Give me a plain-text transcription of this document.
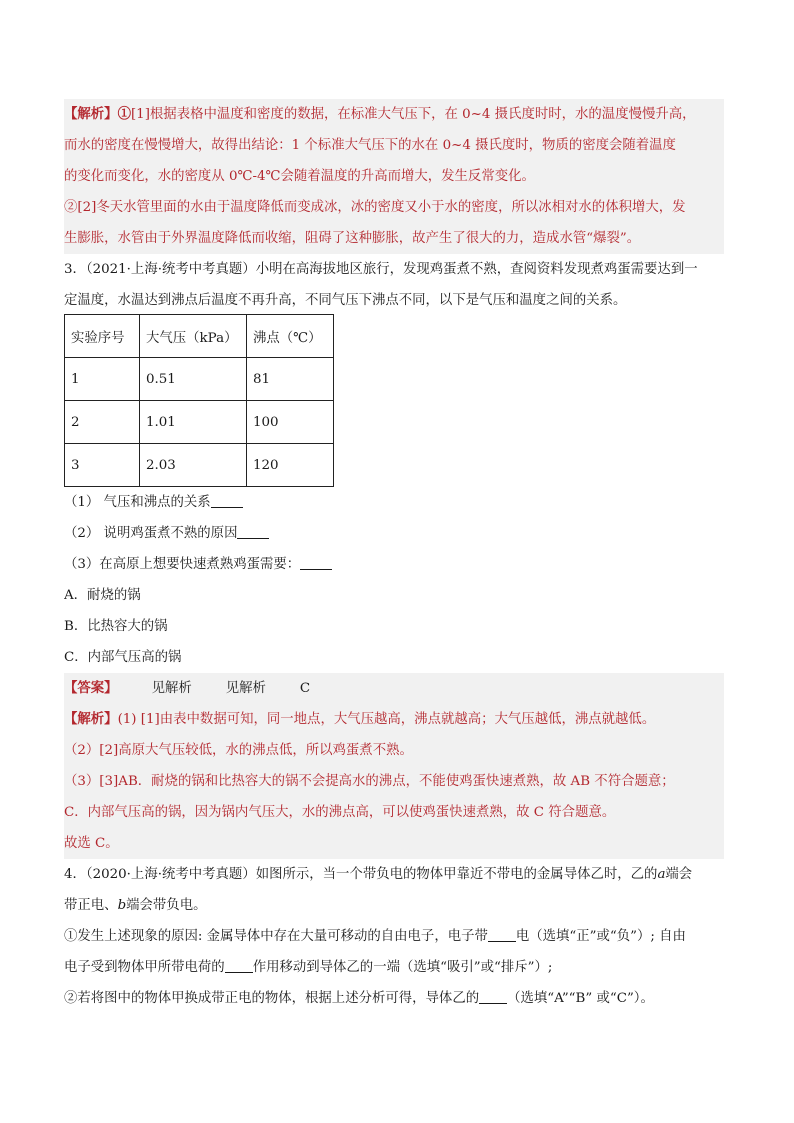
【解析】①[1]根据表格中温度和密度的数据，在标准大气压下，在 0~4 摄氏度时时，水的温度慢慢升高，
而水的密度在慢慢增大，故得出结论：1 个标准大气压下的水在 0~4 摄氏度时，物质的密度会随着温度
的变化而变化，水的密度从 0℃-4℃会随着温度的升高而增大，发生反常变化。
②[2]冬天水管里面的水由于温度降低而变成冰，冰的密度又小于水的密度，所以冰相对水的体积增大，发
生膨胀，水管由于外界温度降低而收缩，阻碍了这种膨胀，故产生了很大的力，造成水管“爆裂”。
3．（2021·上海·统考中考真题）小明在高海拔地区旅行，发现鸡蛋煮不熟，查阅资料发现煮鸡蛋需要达到一
定温度，水温达到沸点后温度不再升高，不同气压下沸点不同，以下是气压和温度之间的关系。
实验序号	大气压（kPa）	沸点（℃）
1	0.51	81
2	1.01	100
3	2.03	120
（1） 气压和沸点的关系
（2） 说明鸡蛋煮不熟的原因
（3）在高原上想要快速煮熟鸡蛋需要：
A．耐烧的锅
B．比热容大的锅
C．内部气压高的锅
【答案】	见解析	见解析	C
【解析】(1) [1]由表中数据可知，同一地点，大气压越高，沸点就越高；大气压越低，沸点就越低。
（2）[2]高原大气压较低，水的沸点低，所以鸡蛋煮不熟。
（3）[3]AB．耐烧的锅和比热容大的锅不会提高水的沸点，不能使鸡蛋快速煮熟，故 AB 不符合题意；
C．内部气压高的锅，因为锅内气压大，水的沸点高，可以使鸡蛋快速煮熟，故 C 符合题意。
故选 C。
4．（2020·上海·统考中考真题）如图所示，当一个带负电的物体甲靠近不带电的金属导体乙时，乙的a端会
带正电、b端会带负电。
①发生上述现象的原因: 金属导体中存在大量可移动的自由电子，电子带 电（选填“正”或“负”）; 自由
电子受到物体甲所带电荷的 作用移动到导体乙的一端（选填“吸引”或“排斥”）;
②若将图中的物体甲换成带正电的物体，根据上述分析可得，导体乙的 （选填“A”“B” 或“C”）。
